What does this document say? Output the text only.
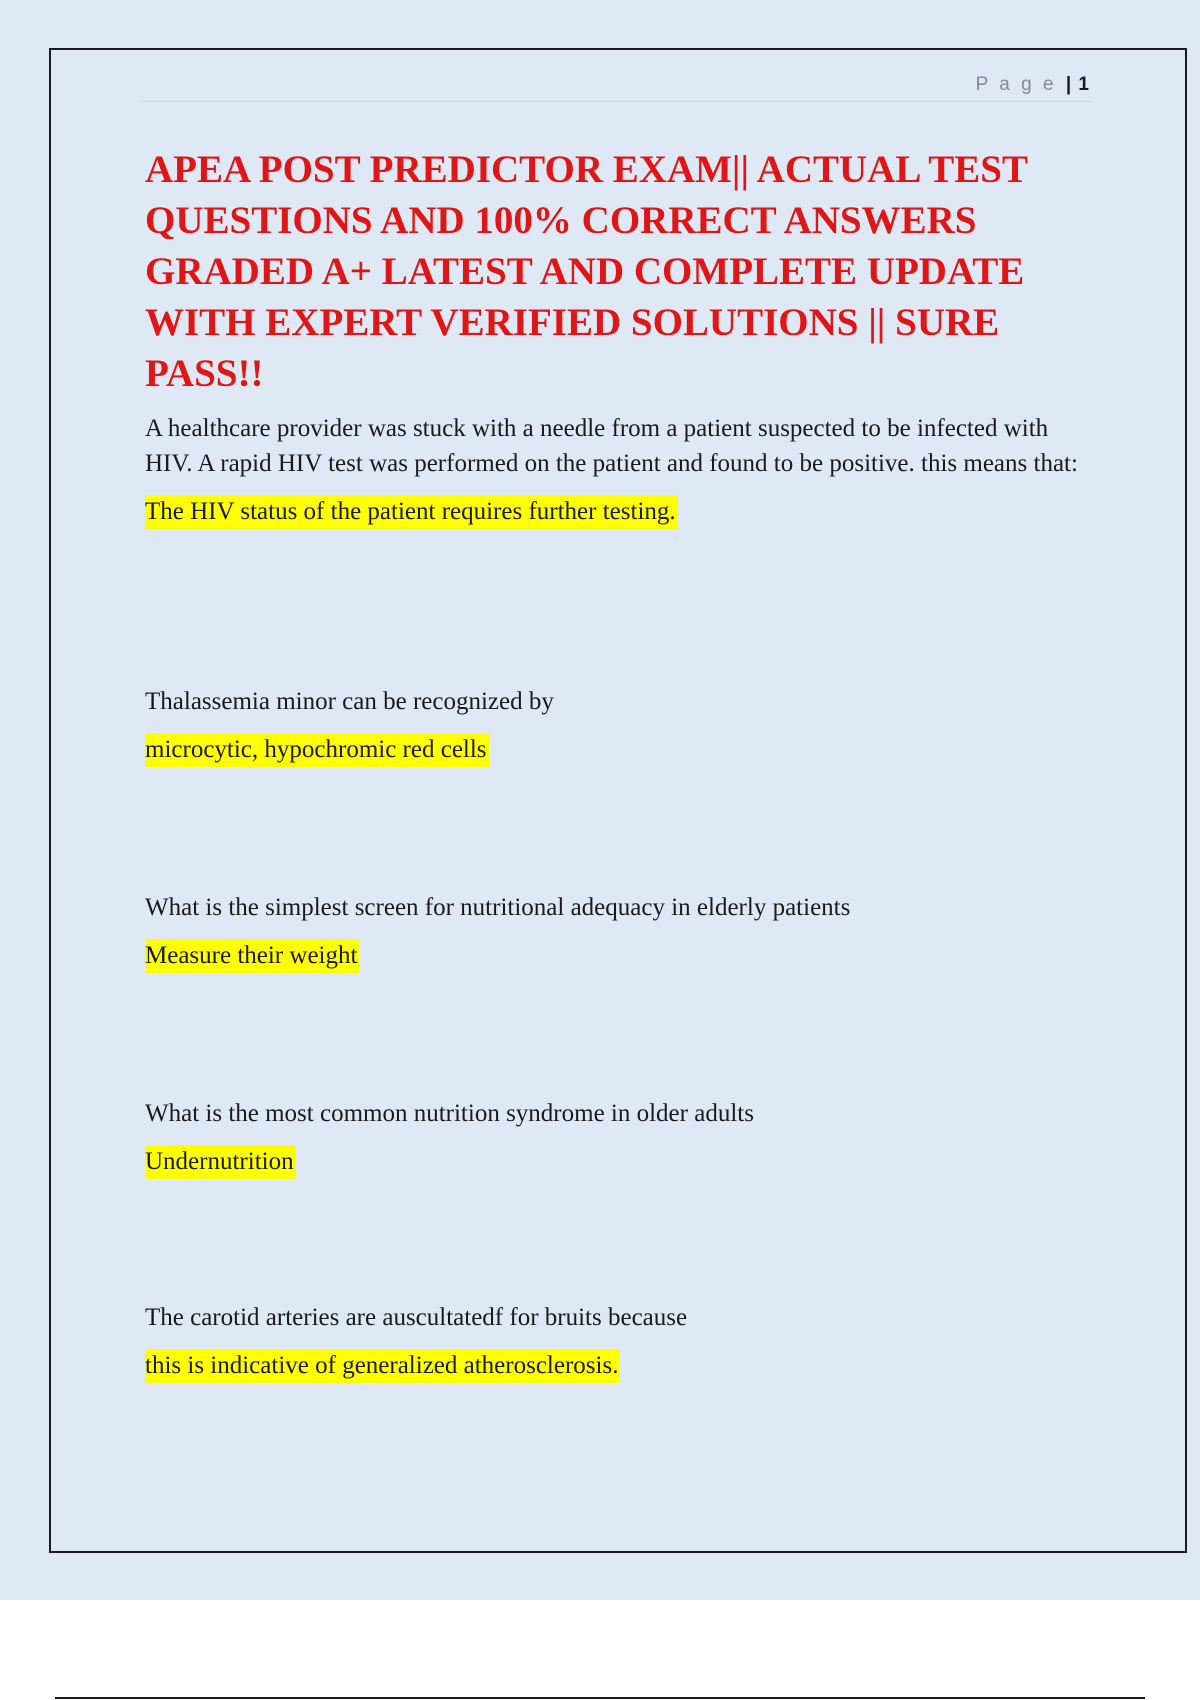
P a g e | 1
APEA POST PREDICTOR EXAM|| ACTUAL TEST QUESTIONS AND 100% CORRECT ANSWERS GRADED A+ LATEST AND COMPLETE UPDATE WITH EXPERT VERIFIED SOLUTIONS || SURE PASS!!
A healthcare provider was stuck with a needle from a patient suspected to be infected with HIV. A rapid HIV test was performed on the patient and found to be positive. this means that:
The HIV status of the patient requires further testing.
Thalassemia minor can be recognized by
microcytic, hypochromic red cells
What is the simplest screen for nutritional adequacy in elderly patients
Measure their weight
What is the most common nutrition syndrome in older adults
Undernutrition
The carotid arteries are auscultatedf for bruits because
this is indicative of generalized atherosclerosis.
